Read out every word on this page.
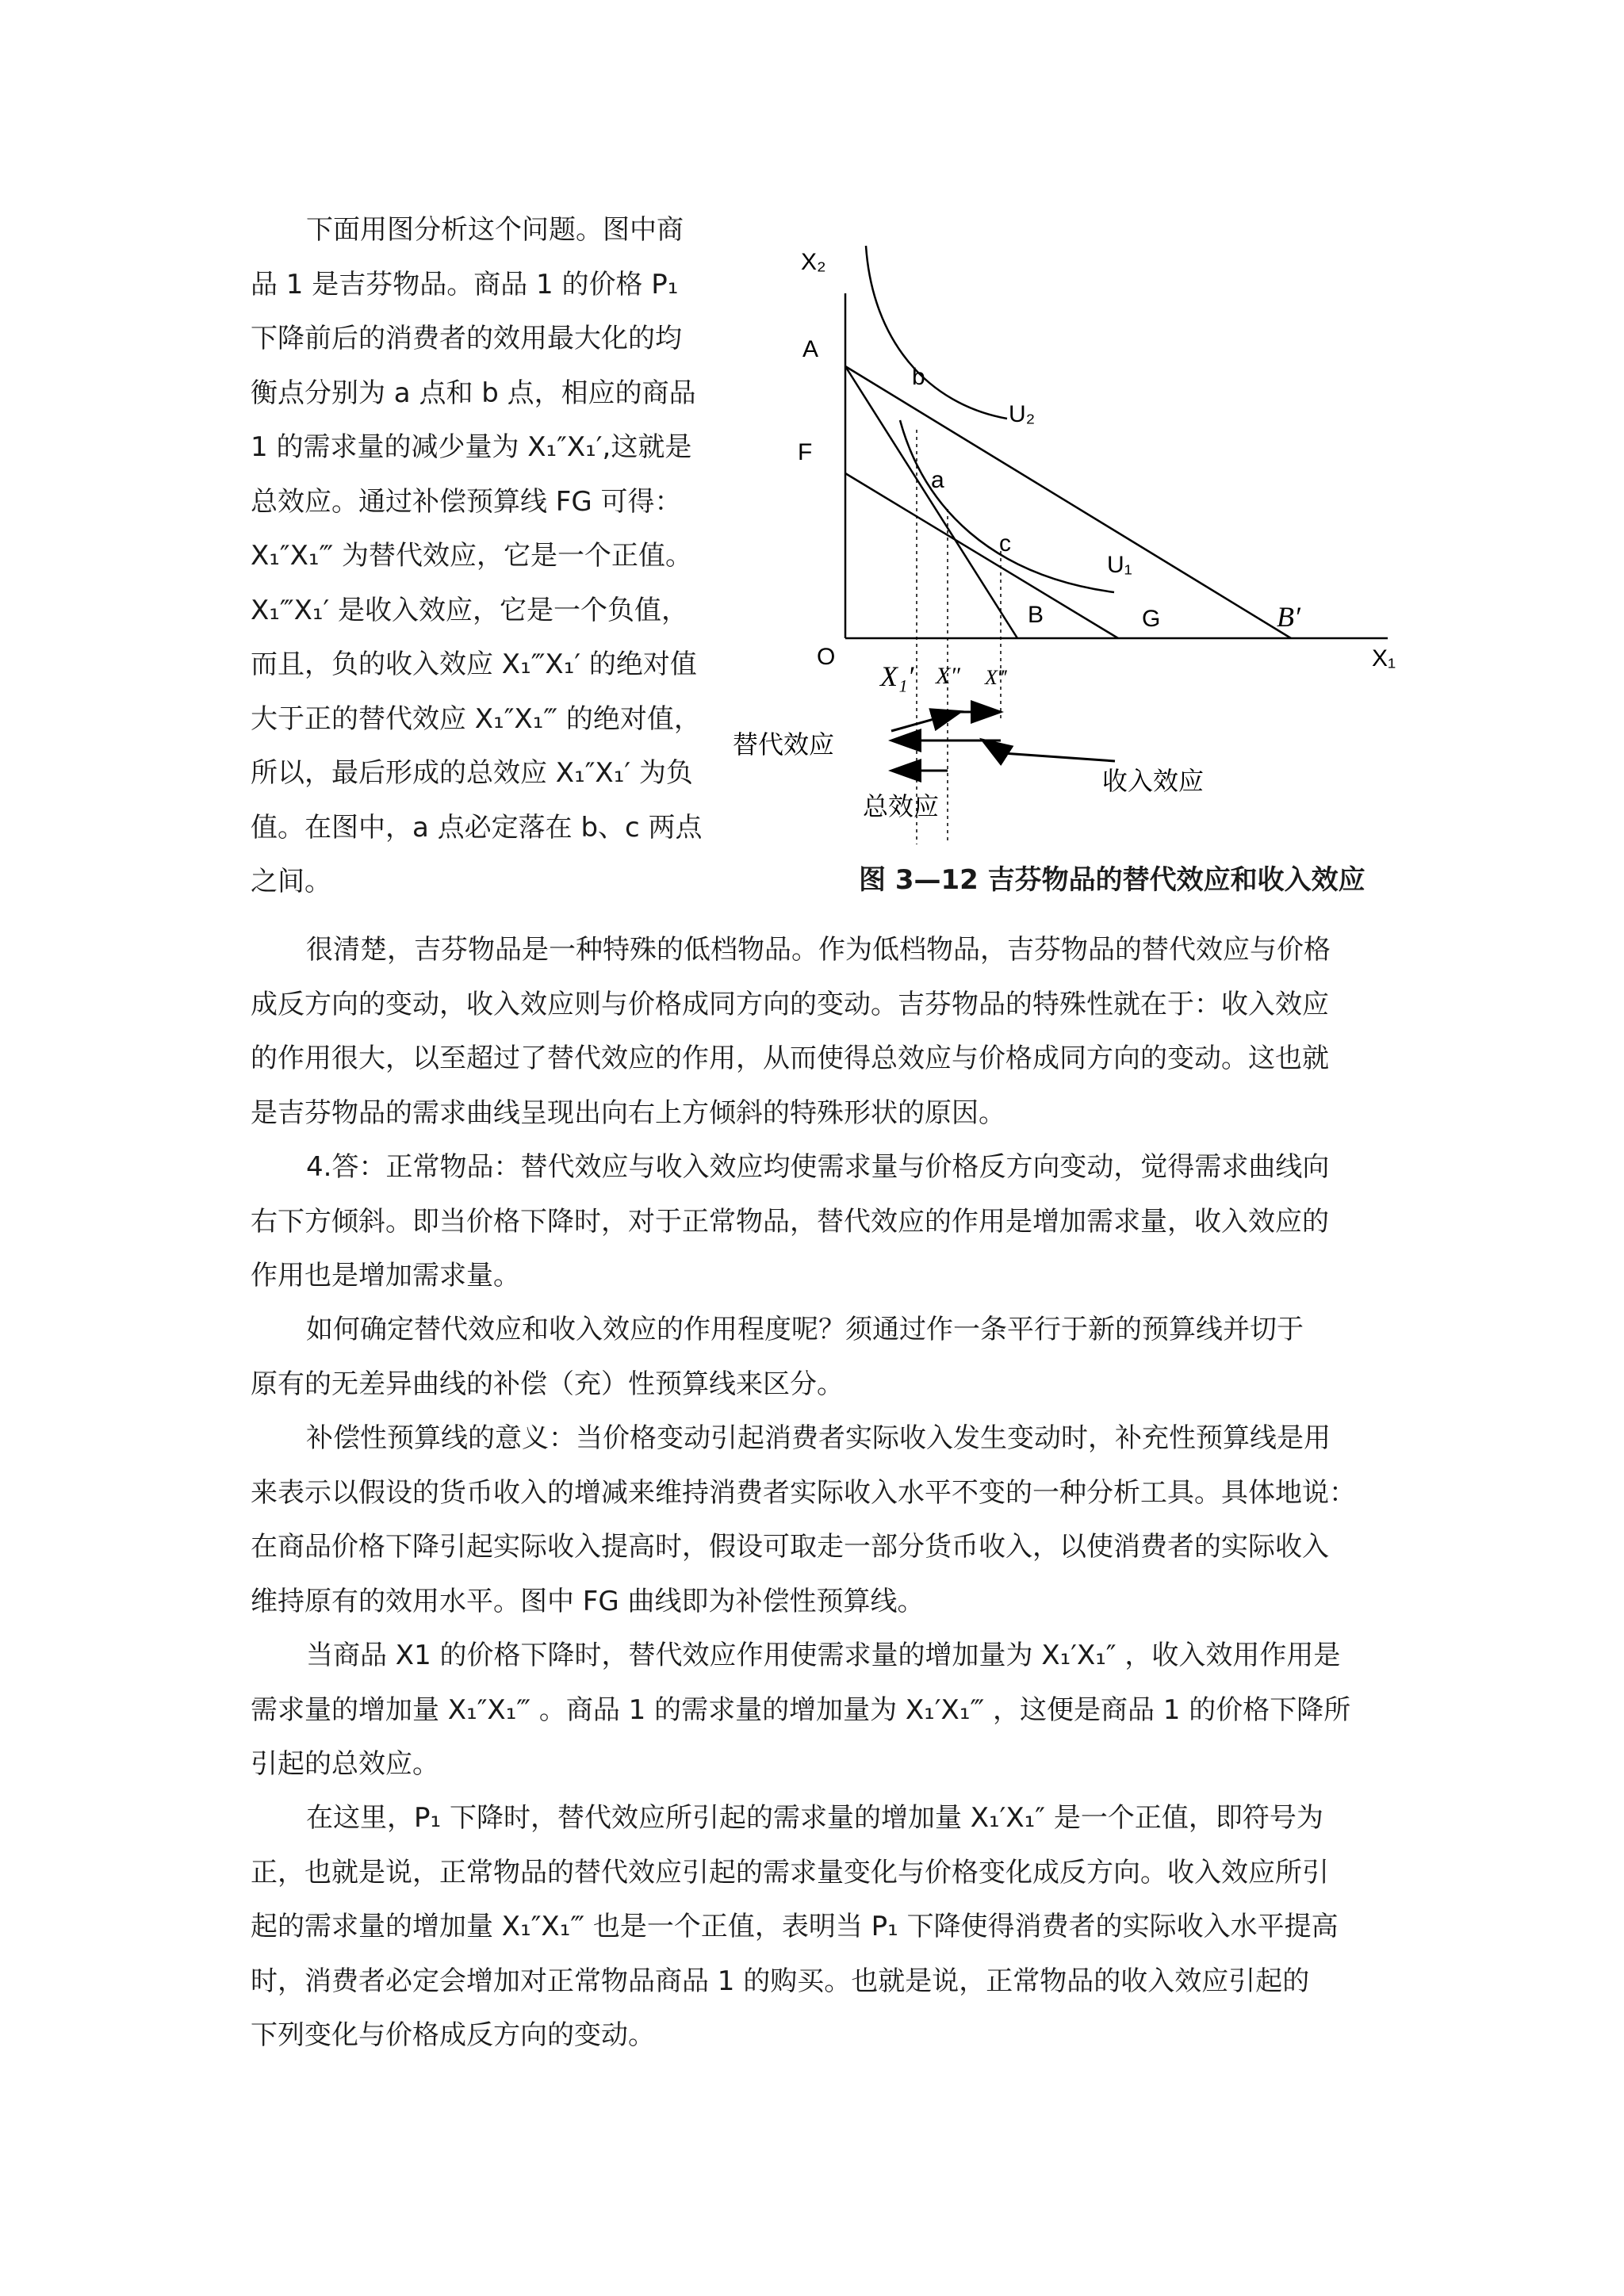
下面用图分析这个问题。图中商
品 1 是吉芬物品。商品 1 的价格 P₁
下降前后的消费者的效用最大化的均
衡点分别为 a 点和 b 点，相应的商品
1 的需求量的减少量为 X₁″X₁′,这就是
总效应。通过补偿预算线 FG 可得：
X₁″X₁‴ 为替代效应，它是一个正值。
X₁‴X₁′ 是收入效应，它是一个负值，
而且，负的收入效应 X₁‴X₁′ 的绝对值
大于正的替代效应 X₁″X₁‴ 的绝对值，
所以，最后形成的总效应 X₁″X₁′ 为负
值。在图中，a 点必定落在 b、c 两点
之间。
X₂
X₁
O
A
F
b
a
c
B	G	B′
U₂
U₁
X₁′ X″ X‴
替代效应
收入效应
总效应
图 3—12 吉芬物品的替代效应和收入效应
很清楚，吉芬物品是一种特殊的低档物品。作为低档物品，吉芬物品的替代效应与价格
成反方向的变动，收入效应则与价格成同方向的变动。吉芬物品的特殊性就在于：收入效应
的作用很大，以至超过了替代效应的作用，从而使得总效应与价格成同方向的变动。这也就
是吉芬物品的需求曲线呈现出向右上方倾斜的特殊形状的原因。
4.答：正常物品：替代效应与收入效应均使需求量与价格反方向变动，觉得需求曲线向
右下方倾斜。即当价格下降时，对于正常物品，替代效应的作用是增加需求量，收入效应的
作用也是增加需求量。
如何确定替代效应和收入效应的作用程度呢？须通过作一条平行于新的预算线并切于
原有的无差异曲线的补偿（充）性预算线来区分。
补偿性预算线的意义：当价格变动引起消费者实际收入发生变动时，补充性预算线是用
来表示以假设的货币收入的增减来维持消费者实际收入水平不变的一种分析工具。具体地说：
在商品价格下降引起实际收入提高时，假设可取走一部分货币收入，以使消费者的实际收入
维持原有的效用水平。图中 FG 曲线即为补偿性预算线。
当商品 X1 的价格下降时，替代效应作用使需求量的增加量为 X₁′X₁″ ，收入效用作用是
需求量的增加量 X₁″X₁‴ 。商品 1 的需求量的增加量为 X₁′X₁‴ ，这便是商品 1 的价格下降所
引起的总效应。
在这里，P₁ 下降时，替代效应所引起的需求量的增加量 X₁′X₁″ 是一个正值，即符号为
正，也就是说，正常物品的替代效应引起的需求量变化与价格变化成反方向。收入效应所引
起的需求量的增加量 X₁″X₁‴ 也是一个正值，表明当 P₁ 下降使得消费者的实际收入水平提高
时，消费者必定会增加对正常物品商品 1 的购买。也就是说，正常物品的收入效应引起的
下列变化与价格成反方向的变动。
